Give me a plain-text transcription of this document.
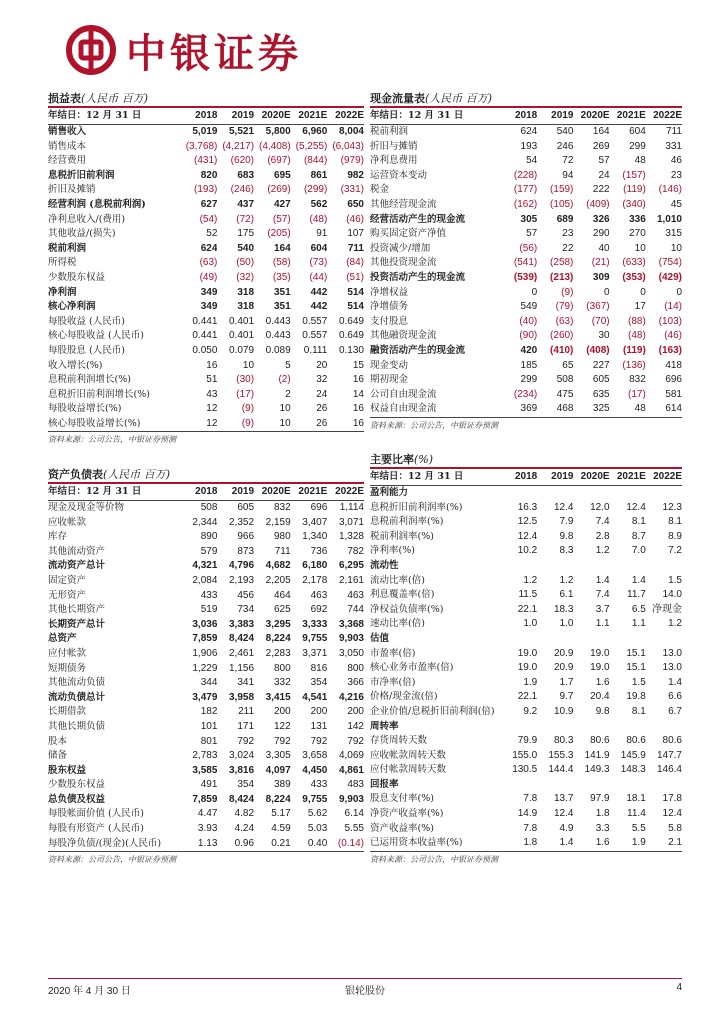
中银证券
损益表(人民币 百万)
年结日：12 月 31 日	2018	2019	2020E	2021E	2022E
销售收入	5,019	5,521	5,800	6,960	8,004
销售成本	(3,768)	(4,217)	(4,408)	(5,255)	(6,043)
经营费用	(431)	(620)	(697)	(844)	(979)
息税折旧前利润	820	683	695	861	982
折旧及摊销	(193)	(246)	(269)	(299)	(331)
经营利润 (息税前利润)	627	437	427	562	650
净利息收入/(费用)	(54)	(72)	(57)	(48)	(46)
其他收益/(损失)	52	175	(205)	91	107
税前利润	624	540	164	604	711
所得税	(63)	(50)	(58)	(73)	(84)
少数股东权益	(49)	(32)	(35)	(44)	(51)
净利润	349	318	351	442	514
核心净利润	349	318	351	442	514
每股收益 (人民币)	0.441	0.401	0.443	0.557	0.649
核心每股收益 (人民币)	0.441	0.401	0.443	0.557	0.649
每股股息 (人民币)	0.050	0.079	0.089	0.111	0.130
收入增长(%)	16	10	5	20	15
息税前利润增长(%)	51	(30)	(2)	32	16
息税折旧前利润增长(%)	43	(17)	2	24	14
每股收益增长(%)	12	(9)	10	26	16
核心每股收益增长(%)	12	(9)	10	26	16
资料来源：公司公告，中银证券预测
资产负债表(人民币 百万)
年结日：12 月 31 日	2018	2019	2020E	2021E	2022E
现金及现金等价物	508	605	832	696	1,114
应收帐款	2,344	2,352	2,159	3,407	3,071
库存	890	966	980	1,340	1,328
其他流动资产	579	873	711	736	782
流动资产总计	4,321	4,796	4,682	6,180	6,295
固定资产	2,084	2,193	2,205	2,178	2,161
无形资产	433	456	464	463	463
其他长期资产	519	734	625	692	744
长期资产总计	3,036	3,383	3,295	3,333	3,368
总资产	7,859	8,424	8,224	9,755	9,903
应付帐款	1,906	2,461	2,283	3,371	3,050
短期债务	1,229	1,156	800	816	800
其他流动负债	344	341	332	354	366
流动负债总计	3,479	3,958	3,415	4,541	4,216
长期借款	182	211	200	200	200
其他长期负债	101	171	122	131	142
股本	801	792	792	792	792
储备	2,783	3,024	3,305	3,658	4,069
股东权益	3,585	3,816	4,097	4,450	4,861
少数股东权益	491	354	389	433	483
总负债及权益	7,859	8,424	8,224	9,755	9,903
每股帐面价值 (人民币)	4.47	4.82	5.17	5.62	6.14
每股有形资产 (人民币)	3.93	4.24	4.59	5.03	5.55
每股净负债/(现金)(人民币)	1.13	0.96	0.21	0.40	(0.14)
资料来源：公司公告，中银证券预测
现金流量表(人民币 百万)
年结日：12 月 31 日	2018	2019	2020E	2021E	2022E
税前利润	624	540	164	604	711
折旧与摊销	193	246	269	299	331
净利息费用	54	72	57	48	46
运营资本变动	(228)	94	24	(157)	23
税金	(177)	(159)	222	(119)	(146)
其他经营现金流	(162)	(105)	(409)	(340)	45
经营活动产生的现金流	305	689	326	336	1,010
购买固定资产净值	57	23	290	270	315
投资减少/增加	(56)	22	40	10	10
其他投资现金流	(541)	(258)	(21)	(633)	(754)
投资活动产生的现金流	(539)	(213)	309	(353)	(429)
净增权益	0	(9)	0	0	0
净增债务	549	(79)	(367)	17	(14)
支付股息	(40)	(63)	(70)	(88)	(103)
其他融资现金流	(90)	(260)	30	(48)	(46)
融资活动产生的现金流	420	(410)	(408)	(119)	(163)
现金变动	185	65	227	(136)	418
期初现金	299	508	605	832	696
公司自由现金流	(234)	475	635	(17)	581
权益自由现金流	369	468	325	48	614
资料来源：公司公告，中银证券预测
主要比率(%)
年结日：12 月 31 日	2018	2019	2020E	2021E	2022E
盈利能力					
息税折旧前利润率(%)	16.3	12.4	12.0	12.4	12.3
息税前利润率(%)	12.5	7.9	7.4	8.1	8.1
税前利润率(%)	12.4	9.8	2.8	8.7	8.9
净利率(%)	10.2	8.3	1.2	7.0	7.2
流动性					
流动比率(倍)	1.2	1.2	1.4	1.4	1.5
利息覆盖率(倍)	11.5	6.1	7.4	11.7	14.0
净权益负债率(%)	22.1	18.3	3.7	6.5	净现金
速动比率(倍)	1.0	1.0	1.1	1.1	1.2
估值					
市盈率(倍)	19.0	20.9	19.0	15.1	13.0
核心业务市盈率(倍)	19.0	20.9	19.0	15.1	13.0
市净率(倍)	1.9	1.7	1.6	1.5	1.4
价格/现金流(倍)	22.1	9.7	20.4	19.8	6.6
企业价值/息税折旧前利润(倍)	9.2	10.9	9.8	8.1	6.7
周转率					
存货周转天数	79.9	80.3	80.6	80.6	80.6
应收帐款周转天数	155.0	155.3	141.9	145.9	147.7
应付帐款周转天数	130.5	144.4	149.3	148.3	146.4
回报率					
股息支付率(%)	7.8	13.7	97.9	18.1	17.8
净资产收益率(%)	14.9	12.4	1.8	11.4	12.4
资产收益率(%)	7.8	4.9	3.3	5.5	5.8
已运用资本收益率(%)	1.8	1.4	1.6	1.9	2.1
资料来源：公司公告，中银证券预测
2020 年 4 月 30 日	银轮股份	4
